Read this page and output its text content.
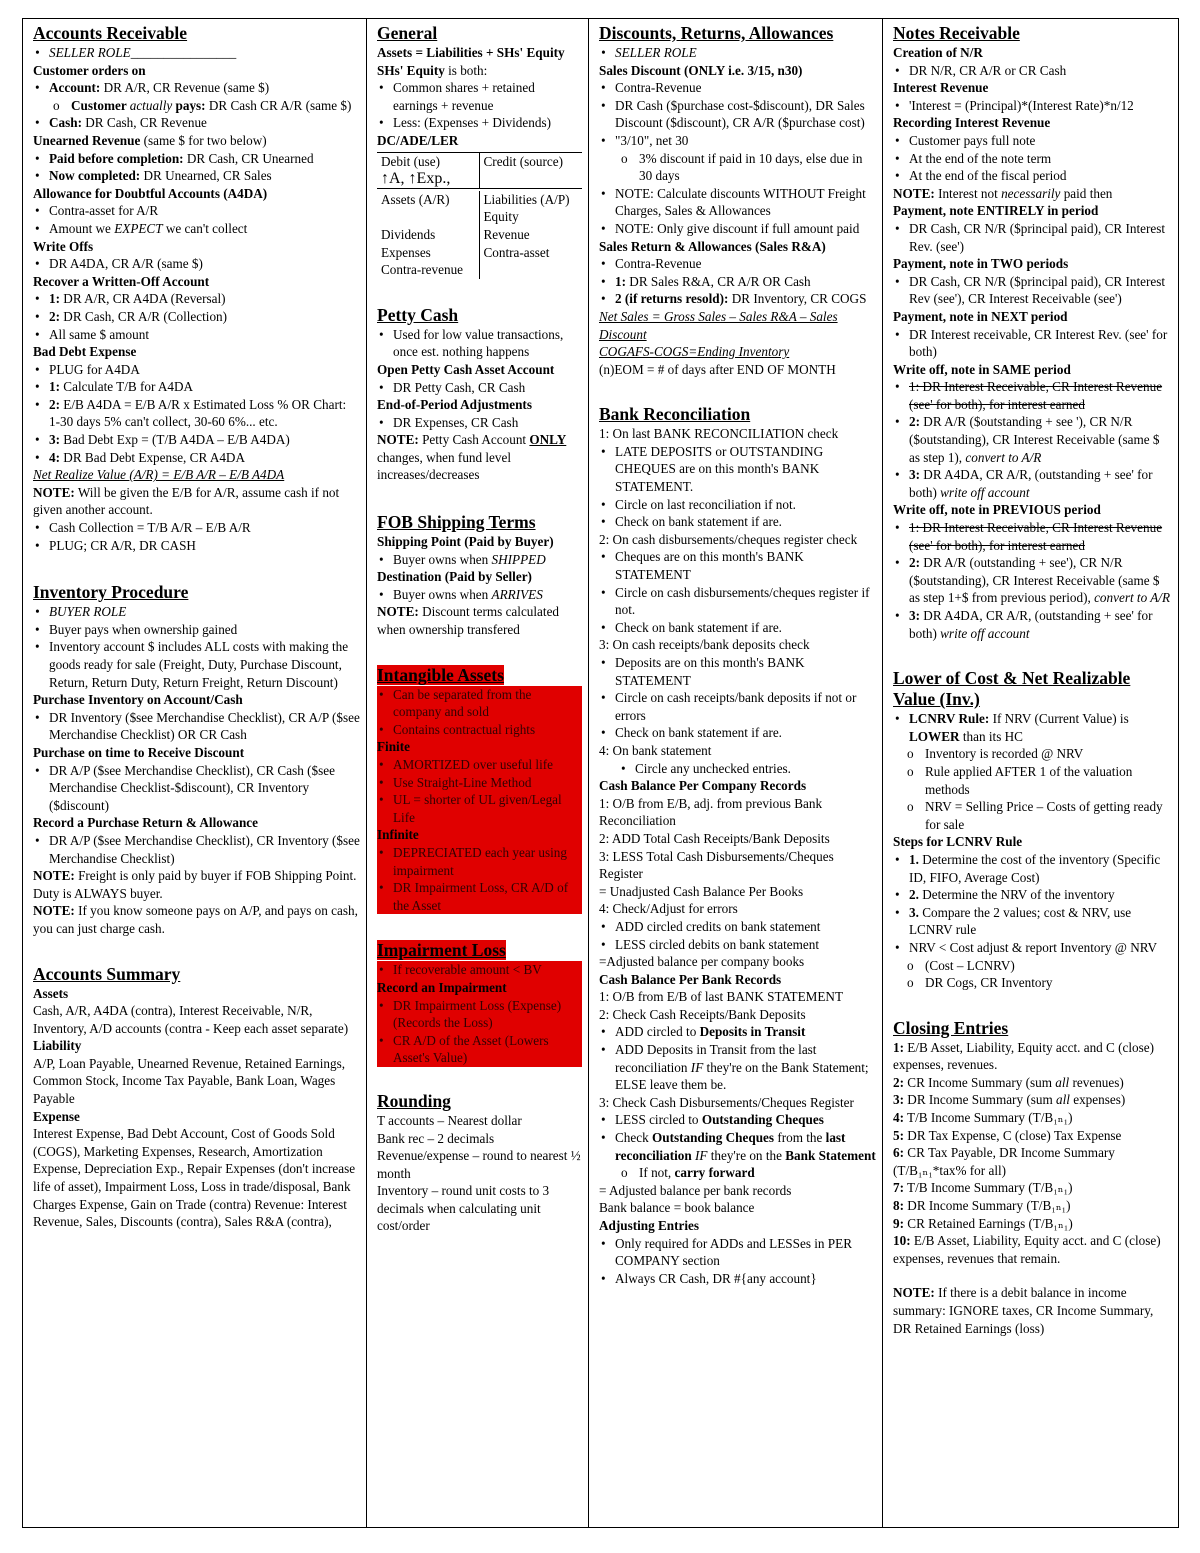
Accounts Receivable
• SELLER ROLE________________
Customer orders on
• Account: DR A/R, CR Revenue (same $)
o Customer actually pays: DR Cash CR A/R (same $)
• Cash: DR Cash, CR Revenue
Unearned Revenue (same $ for two below)
• Paid before completion: DR Cash, CR Unearned
• Now completed: DR Unearned, CR Sales
Allowance for Doubtful Accounts (A4DA)
• Contra-asset for A/R
• Amount we EXPECT we can't collect
Write Offs
• DR A4DA, CR A/R (same $)
Recover a Written-Off Account
• 1: DR A/R, CR A4DA (Reversal)
• 2: DR Cash, CR A/R (Collection)
• All same $ amount
Bad Debt Expense
• PLUG for A4DA
• 1: Calculate T/B for A4DA
• 2: E/B A4DA = E/B A/R x Estimated Loss % OR Chart: 1-30 days 5% can't collect, 30-60 6%... etc.
• 3: Bad Debt Exp = (T/B A4DA – E/B A4DA)
• 4: DR Bad Debt Expense, CR A4DA
Net Realize Value (A/R) = E/B A/R – E/B A4DA
NOTE: Will be given the E/B for A/R, assume cash if not given another account.
• Cash Collection = T/B A/R – E/B A/R
• PLUG; CR A/R, DR CASH
Inventory Procedure
• BUYER ROLE
• Buyer pays when ownership gained
• Inventory account $ includes ALL costs with making the goods ready for sale (Freight, Duty, Purchase Discount, Return, Return Duty, Return Freight, Return Discount)
Purchase Inventory on Account/Cash
• DR Inventory ($see Merchandise Checklist), CR A/P ($see Merchandise Checklist) OR CR Cash
Purchase on time to Receive Discount
• DR A/P ($see Merchandise Checklist), CR Cash ($see Merchandise Checklist-$discount), CR Inventory ($discount)
Record a Purchase Return & Allowance
• DR A/P ($see Merchandise Checklist), CR Inventory ($see Merchandise Checklist)
NOTE: Freight is only paid by buyer if FOB Shipping Point. Duty is ALWAYS buyer.
NOTE: If you know someone pays on A/P, and pays on cash, you can just charge cash.
Accounts Summary
Assets
Cash, A/R, A4DA (contra), Interest Receivable, N/R, Inventory, A/D accounts (contra - Keep each asset separate)
Liability
A/P, Loan Payable, Unearned Revenue, Retained Earnings, Common Stock, Income Tax Payable, Bank Loan, Wages Payable
Expense
Interest Expense, Bad Debt Account, Cost of Goods Sold (COGS), Marketing Expenses, Research, Amortization Expense, Depreciation Exp., Repair Expenses (don't increase life of asset), Impairment Loss, Loss in trade/disposal, Bank Charges Expense, Gain on Trade (contra) Revenue: Interest Revenue, Sales, Discounts (contra), Sales R&A (contra),
General
Assets = Liabilities + SHs' Equity
SHs' Equity is both:
• Common shares + retained earnings + revenue
• Less: (Expenses + Dividends)
DC/ADE/LER
Debit (use)
↑A, ↑Exp.,
Credit (source)
Assets (A/R)

Dividends
Expenses
Contra-revenue
Liabilities (A/P)
Equity
Revenue
Contra-asset
Petty Cash
• Used for low value transactions, once est. nothing happens
Open Petty Cash Asset Account
• DR Petty Cash, CR Cash
End-of-Period Adjustments
• DR Expenses, CR Cash
NOTE: Petty Cash Account ONLY changes, when fund level increases/decreases
FOB Shipping Terms
Shipping Point (Paid by Buyer)
• Buyer owns when SHIPPED
Destination (Paid by Seller)
• Buyer owns when ARRIVES
NOTE: Discount terms calculated when ownership transfered
Intangible Assets
• Can be separated from the company and sold
• Contains contractual rights
Finite
• AMORTIZED over useful life
• Use Straight-Line Method
• UL = shorter of UL given/Legal Life
Infinite
• DEPRECIATED each year using impairment
• DR Impairment Loss, CR A/D of the Asset
Impairment Loss
• If recoverable amount < BV
Record an Impairment
• DR Impairment Loss (Expense) (Records the Loss)
• CR A/D of the Asset (Lowers Asset's Value)
Rounding
T accounts – Nearest dollar
Bank rec – 2 decimals
Revenue/expense – round to nearest ½ month
Inventory – round unit costs to 3 decimals when calculating unit cost/order
Discounts, Returns, Allowances
• SELLER ROLE
Sales Discount (ONLY i.e. 3/15, n30)
• Contra-Revenue
• DR Cash ($purchase cost-$discount), DR Sales Discount ($discount), CR A/R ($purchase cost)
• "3/10", net 30
o 3% discount if paid in 10 days, else due in 30 days
• NOTE: Calculate discounts WITHOUT Freight Charges, Sales & Allowances
• NOTE: Only give discount if full amount paid
Sales Return & Allowances (Sales R&A)
• Contra-Revenue
• 1: DR Sales R&A, CR A/R OR Cash
• 2 (if returns resold): DR Inventory, CR COGS
Net Sales = Gross Sales – Sales R&A – Sales Discount
COGAFS-COGS=Ending Inventory
(n)EOM = # of days after END OF MONTH
Bank Reconciliation
1: On last BANK RECONCILIATION check
• LATE DEPOSITS or OUTSTANDING CHEQUES are on this month's BANK STATEMENT.
• Circle on last reconciliation if not.
• Check on bank statement if are.
2: On cash disbursements/cheques register check
• Cheques are on this month's BANK STATEMENT
• Circle on cash disbursements/cheques register if not.
• Check on bank statement if are.
3: On cash receipts/bank deposits check
• Deposits are on this month's BANK STATEMENT
• Circle on cash receipts/bank deposits if not or errors
• Check on bank statement if are.
4: On bank statement
• Circle any unchecked entries.
Cash Balance Per Company Records
1: O/B from E/B, adj. from previous Bank Reconciliation
2: ADD Total Cash Receipts/Bank Deposits
3: LESS Total Cash Disbursements/Cheques Register
= Unadjusted Cash Balance Per Books
4: Check/Adjust for errors
• ADD circled credits on bank statement
• LESS circled debits on bank statement
=Adjusted balance per company books
Cash Balance Per Bank Records
1: O/B from E/B of last BANK STATEMENT
2: Check Cash Receipts/Bank Deposits
• ADD circled to Deposits in Transit
• ADD Deposits in Transit from the last reconciliation IF they're on the Bank Statement; ELSE leave them be.
3: Check Cash Disbursements/Cheques Register
• LESS circled to Outstanding Cheques
• Check Outstanding Cheques from the last reconciliation IF they're on the Bank Statement
o If not, carry forward
= Adjusted balance per bank records
Bank balance = book balance
Adjusting Entries
• Only required for ADDs and LESSes in PER COMPANY section
• Always CR Cash, DR #{any account}
Notes Receivable
Creation of N/R
• DR N/R, CR A/R or CR Cash
Interest Revenue
• 'Interest = (Principal)*(Interest Rate)*n/12
Recording Interest Revenue
• Customer pays full note
• At the end of the note term
• At the end of the fiscal period
NOTE: Interest not necessarily paid then
Payment, note ENTIRELY in period
• DR Cash, CR N/R ($principal paid), CR Interest Rev. (see')
Payment, note in TWO periods
• DR Cash, CR N/R ($principal paid), CR Interest Rev (see'), CR Interest Receivable (see')
Payment, note in NEXT period
• DR Interest receivable, CR Interest Rev. (see' for both)
Write off, note in SAME period
• 1: DR Interest Receivable, CR Interest Revenue (see' for both), for interest earned
• 2: DR A/R ($outstanding + see '), CR N/R ($outstanding), CR Interest Receivable (same $ as step 1), convert to A/R
• 3: DR A4DA, CR A/R, (outstanding + see' for both) write off account
Write off, note in PREVIOUS period
• 1: DR Interest Receivable, CR Interest Revenue (see' for both), for interest earned
• 2: DR A/R (outstanding + see'), CR N/R ($outstanding), CR Interest Receivable (same $ as step 1+$ from previous period), convert to A/R
• 3: DR A4DA, CR A/R, (outstanding + see' for both) write off account
Lower of Cost & Net Realizable Value (Inv.)
• LCNRV Rule: If NRV (Current Value) is LOWER than its HC
o Inventory is recorded @ NRV
o Rule applied AFTER 1 of the valuation methods
o NRV = Selling Price – Costs of getting ready for sale
Steps for LCNRV Rule
• 1. Determine the cost of the inventory (Specific ID, FIFO, Average Cost)
• 2. Determine the NRV of the inventory
• 3. Compare the 2 values; cost & NRV, use LCNRV rule
• NRV < Cost adjust & report Inventory @ NRV
o (Cost – LCNRV)
o DR Cogs, CR Inventory
Closing Entries
1: E/B Asset, Liability, Equity acct. and C (close) expenses, revenues.
2: CR Income Summary (sum all revenues)
3: DR Income Summary (sum all expenses)
4: T/B Income Summary (T/B₁ₙ₁)
5: DR Tax Expense, C (close) Tax Expense
6: CR Tax Payable, DR Income Summary (T/B₁ₙ₁*tax% for all)
7: T/B Income Summary (T/B₁ₙ₁)
8: DR Income Summary (T/B₁ₙ₁)
9: CR Retained Earnings (T/B₁ₙ₁)
10: E/B Asset, Liability, Equity acct. and C (close) expenses, revenues that remain.
NOTE: If there is a debit balance in income summary: IGNORE taxes, CR Income Summary, DR Retained Earnings (loss)
